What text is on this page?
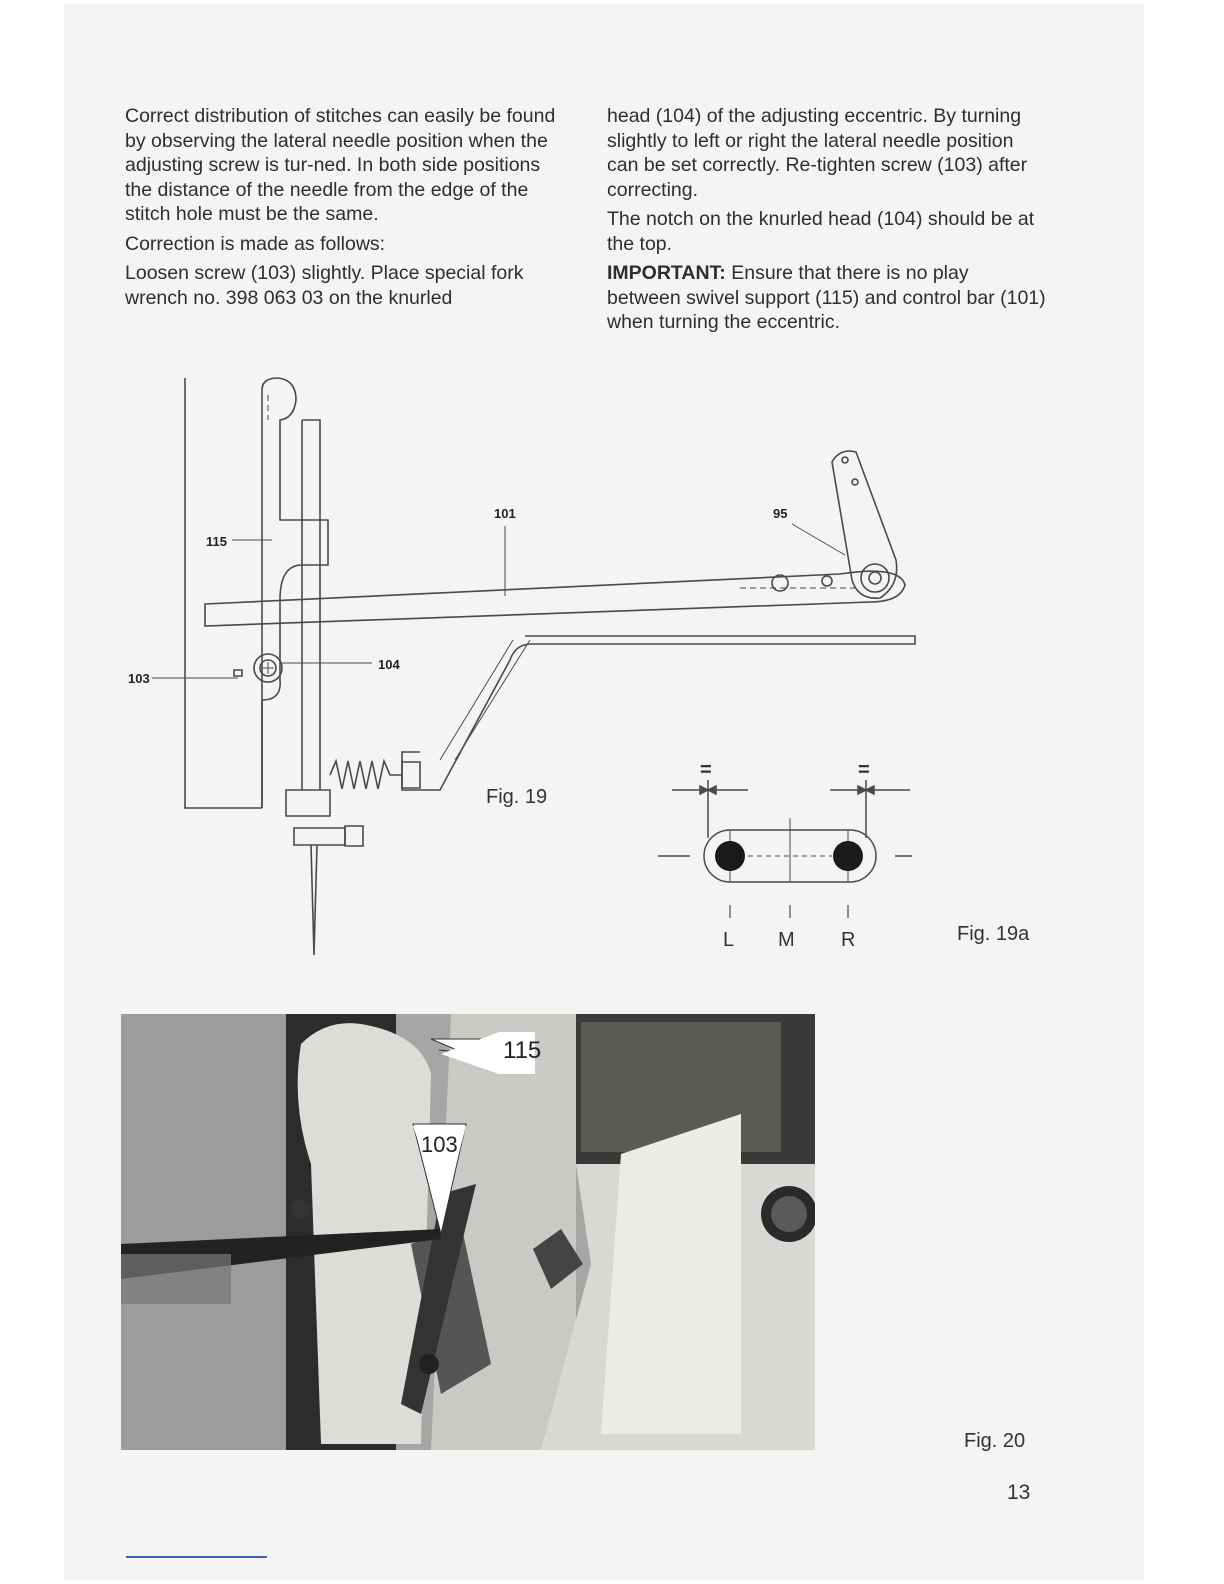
Correct distribution of stitches can easily be found by observing the lateral needle position when the adjusting screw is tur-ned. In both side positions the distance of the needle from the edge of the stitch hole must be the same.

Correction is made as follows:

Loosen screw (103) slightly. Place special fork wrench no. 398 063 03 on the knurled

head (104) of the adjusting eccentric. By turning slightly to left or right the lateral needle position can be set correctly. Re-tighten screw (103) after correcting.

The notch on the knurled head (104) should be at the top.

IMPORTANT: Ensure that there is no play between swivel support (115) and control bar (101) when turning the eccentric.

101	95
115
103
104
Fig. 19
=	=
L M R	Fig. 19a
115
103
Fig. 20
13
